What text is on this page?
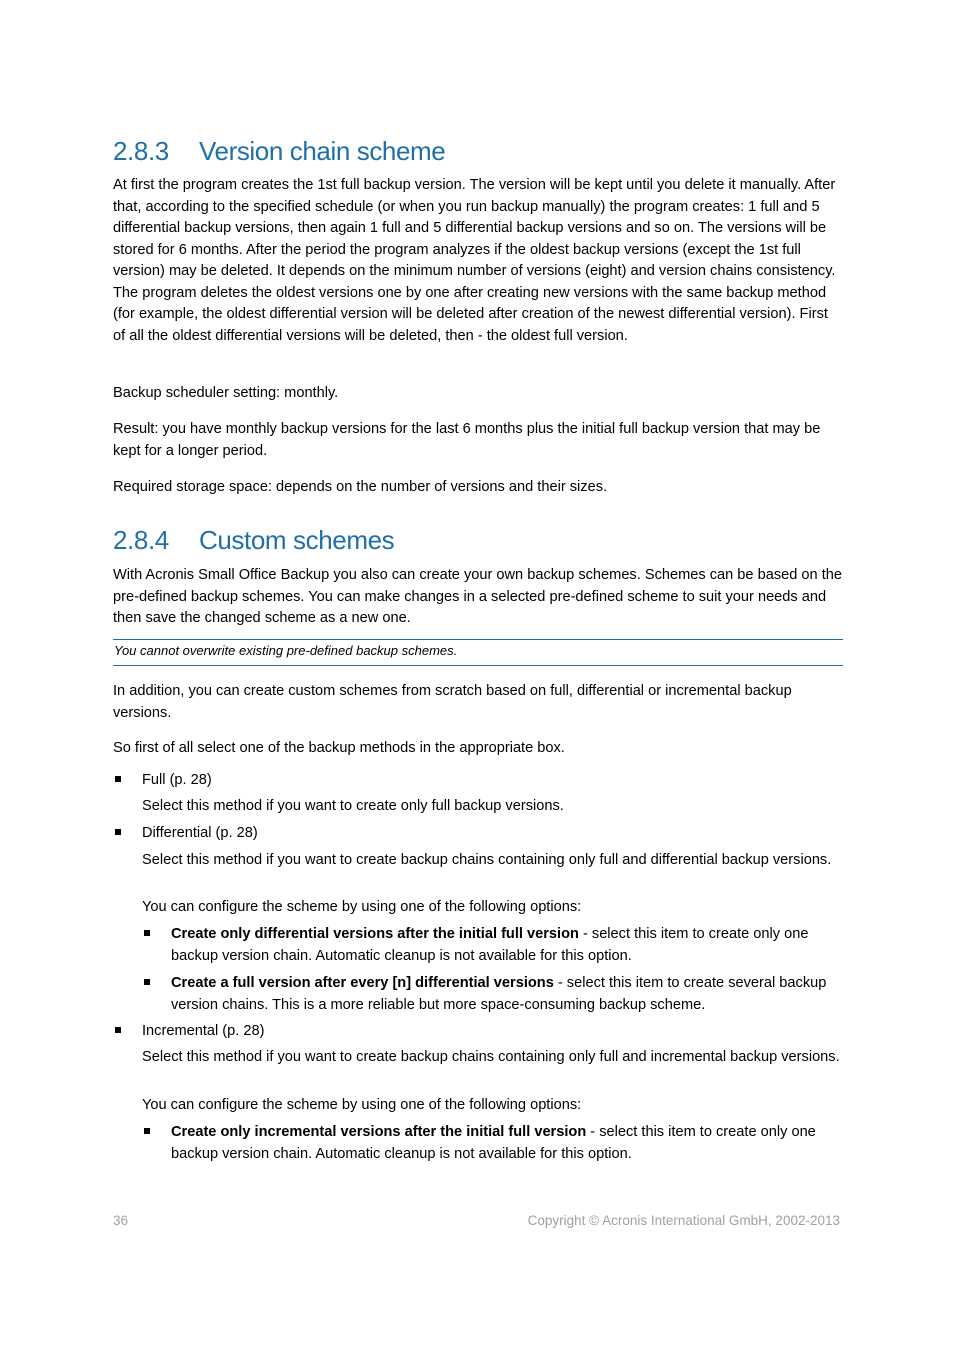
2.8.3 Version chain scheme

At first the program creates the 1st full backup version. The version will be kept until you delete it manually. After that, according to the specified schedule (or when you run backup manually) the program creates: 1 full and 5 differential backup versions, then again 1 full and 5 differential backup versions and so on. The versions will be stored for 6 months. After the period the program analyzes if the oldest backup versions (except the 1st full version) may be deleted. It depends on the minimum number of versions (eight) and version chains consistency. The program deletes the oldest versions one by one after creating new versions with the same backup method (for example, the oldest differential version will be deleted after creation of the newest differential version). First of all the oldest differential versions will be deleted, then - the oldest full version.

Backup scheduler setting: monthly.

Result: you have monthly backup versions for the last 6 months plus the initial full backup version that may be kept for a longer period.

Required storage space: depends on the number of versions and their sizes.

2.8.4 Custom schemes

With Acronis Small Office Backup you also can create your own backup schemes. Schemes can be based on the pre-defined backup schemes. You can make changes in a selected pre-defined scheme to suit your needs and then save the changed scheme as a new one.

You cannot overwrite existing pre-defined backup schemes.

In addition, you can create custom schemes from scratch based on full, differential or incremental backup versions.

So first of all select one of the backup methods in the appropriate box.

Full (p. 28)

Select this method if you want to create only full backup versions.

Differential (p. 28)

Select this method if you want to create backup chains containing only full and differential backup versions.

You can configure the scheme by using one of the following options:

Create only differential versions after the initial full version - select this item to create only one backup version chain. Automatic cleanup is not available for this option.

Create a full version after every [n] differential versions - select this item to create several backup version chains. This is a more reliable but more space-consuming backup scheme.

Incremental (p. 28)

Select this method if you want to create backup chains containing only full and incremental backup versions.

You can configure the scheme by using one of the following options:

Create only incremental versions after the initial full version - select this item to create only one backup version chain. Automatic cleanup is not available for this option.

36	Copyright © Acronis International GmbH, 2002-2013
